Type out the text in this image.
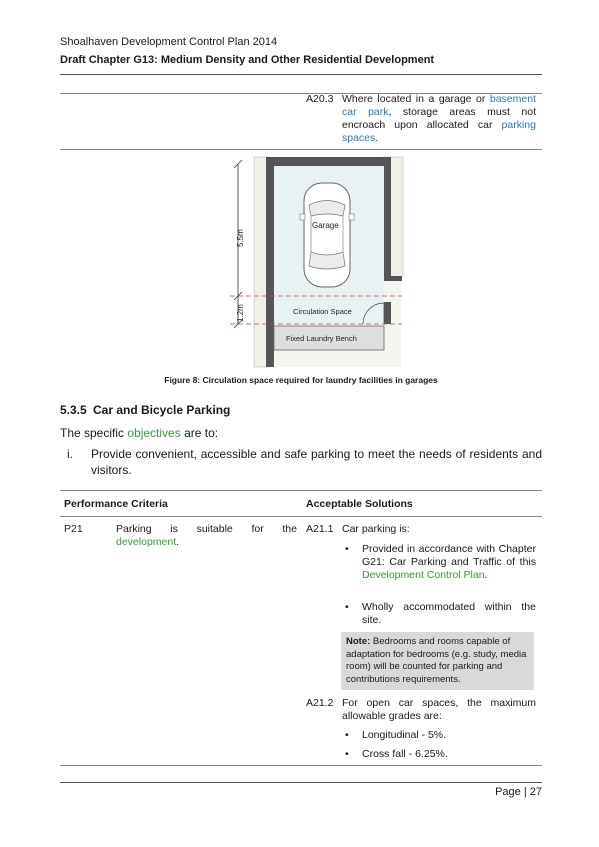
Shoalhaven Development Control Plan 2014
Draft Chapter G13: Medium Density and Other Residential Development
A20.3 Where located in a garage or basement car park, storage areas must not encroach upon allocated car parking spaces.
Garage
Circulation Space
Fixed Laundry Bench
5.5m
1.2m
Figure 8: Circulation space required for laundry facilities in garages
5.3.5 Car and Bicycle Parking
The specific objectives are to:
i. Provide convenient, accessible and safe parking to meet the needs of residents and visitors.
Performance Criteria	Acceptable Solutions
P21	Parking is suitable for the
development.
A21.1 Car parking is:
• Provided in accordance with Chapter G21: Car Parking and Traffic of this Development Control Plan.
• Wholly accommodated within the site.
Note: Bedrooms and rooms capable of adaptation for bedrooms (e.g. study, media room) will be counted for parking and contributions requirements.
A21.2 For open car spaces, the maximum allowable grades are:
• Longitudinal - 5%.
• Cross fall - 6.25%.
Page | 27
